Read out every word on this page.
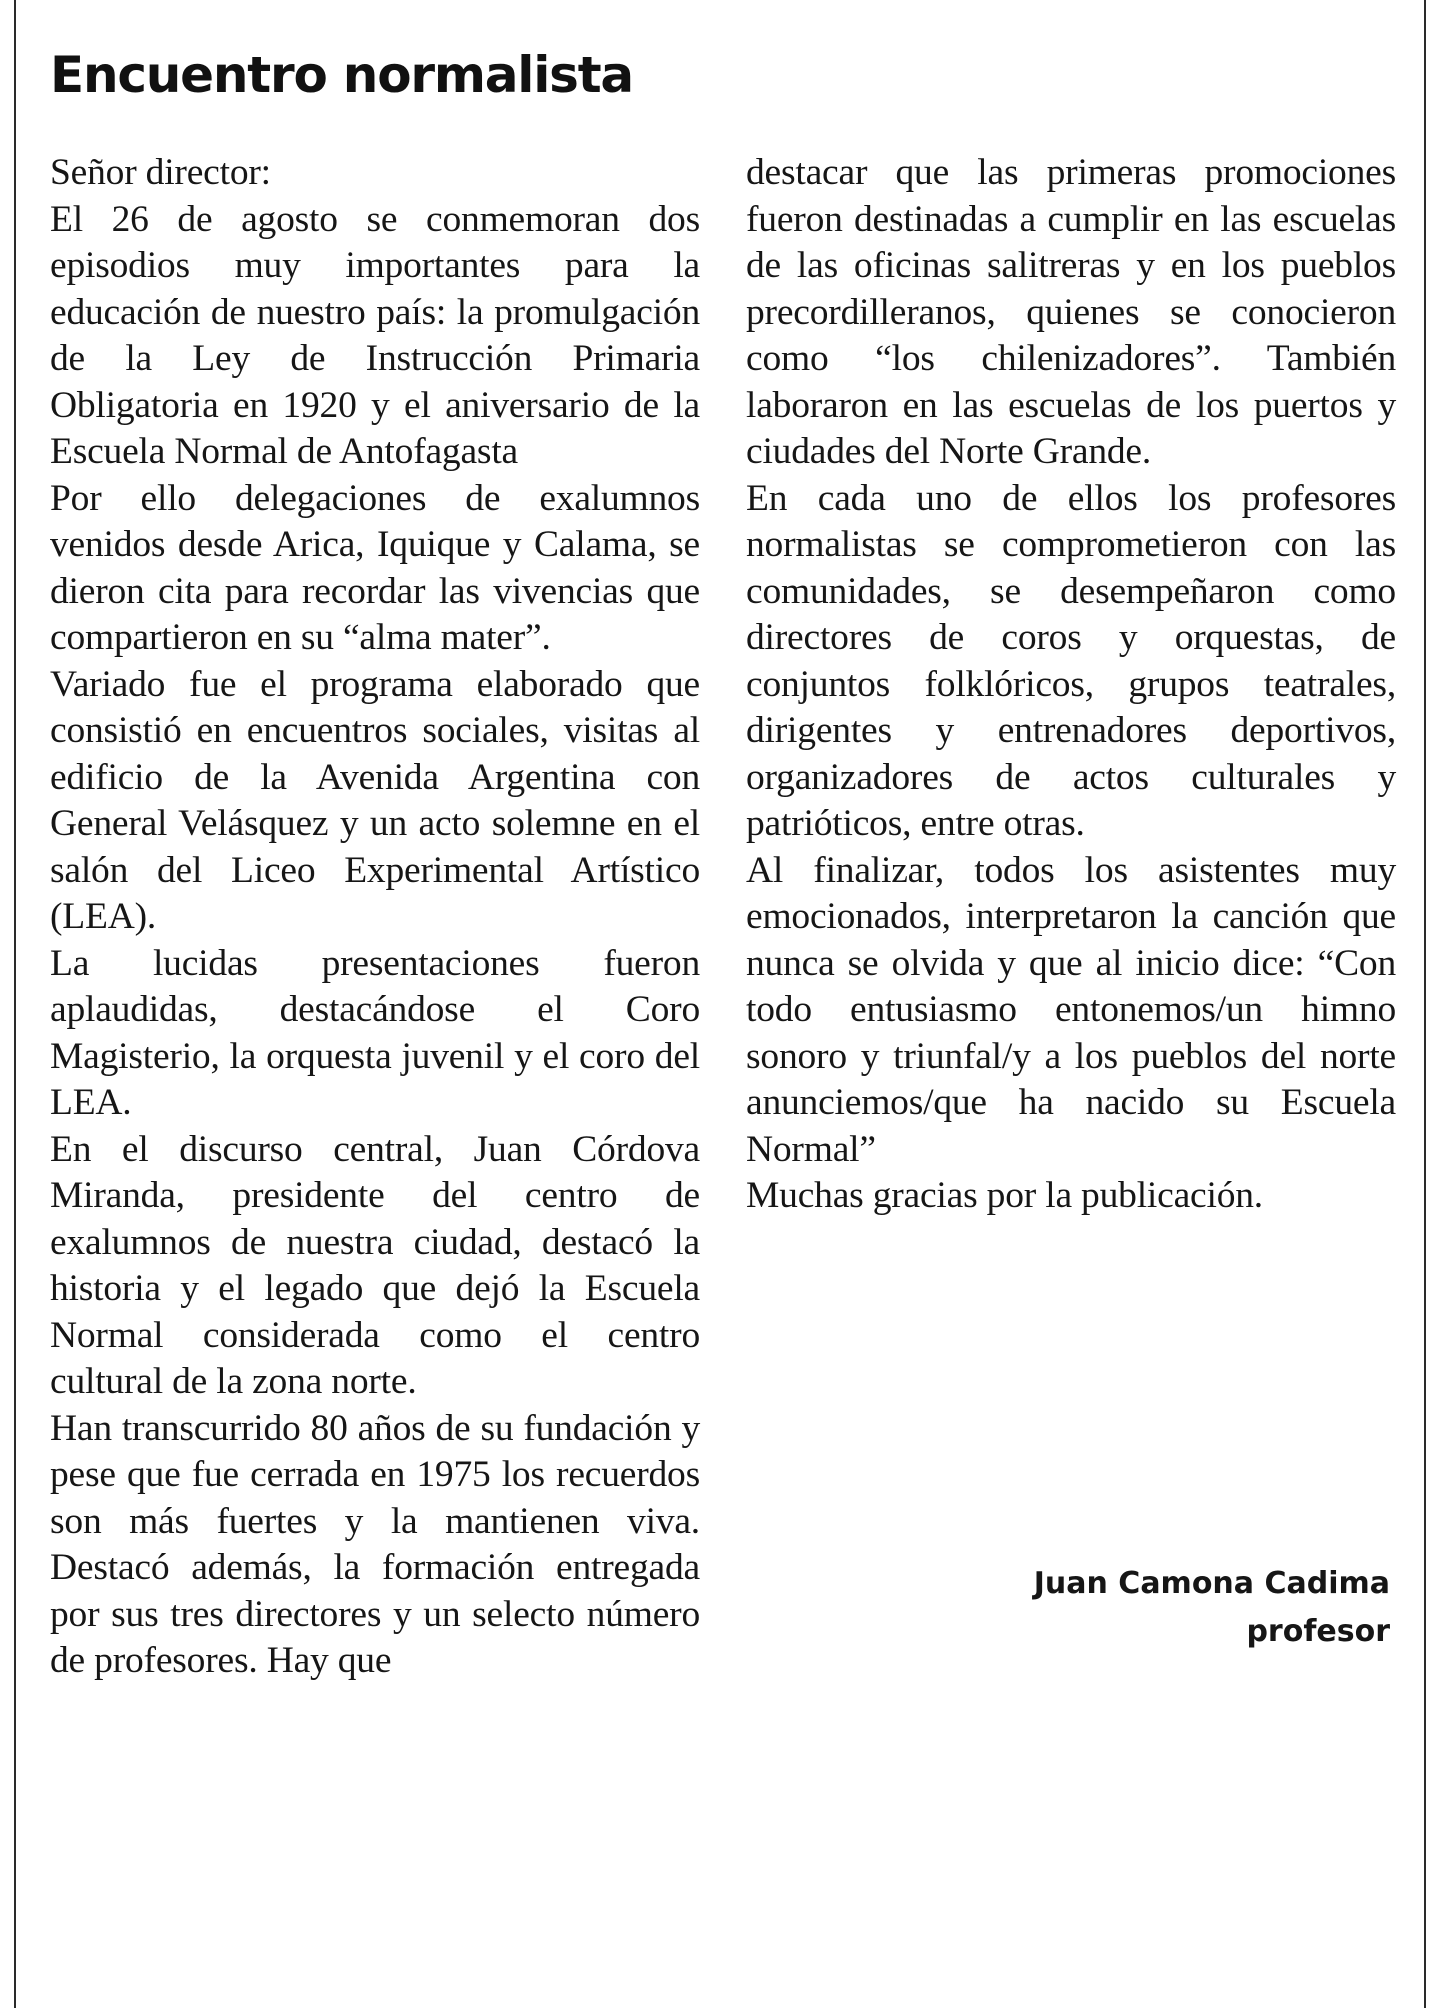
Encuentro normalista

Señor director:

El 26 de agosto se conmemoran dos episodios muy importantes para la educación de nuestro país: la promulgación de la Ley de Instrucción Primaria Obligatoria en 1920 y el aniversario de la Escuela Normal de Antofagasta

Por ello delegaciones de exalumnos venidos desde Arica, Iquique y Calama, se dieron cita para recordar las vivencias que compartieron en su “alma mater”.

Variado fue el programa elaborado que consistió en encuentros sociales, visitas al edificio de la Avenida Argentina con General Velásquez y un acto solemne en el salón del Liceo Experimental Artístico (LEA).

La lucidas presentaciones fueron aplaudidas, destacándose el Coro Magisterio, la orquesta juvenil y el coro del LEA.

En el discurso central, Juan Córdova Miranda, presidente del centro de exalumnos de nuestra ciudad, destacó la historia y el legado que dejó la Escuela Normal considerada como el centro cultural de la zona norte.

Han transcurrido 80 años de su fundación y pese que fue cerrada en 1975 los recuerdos son más fuertes y la mantienen viva. Destacó además, la formación entregada por sus tres directores y un selecto número de profesores. Hay que

destacar que las primeras promociones fueron destinadas a cumplir en las escuelas de las oficinas salitreras y en los pueblos precordilleranos, quienes se conocieron como “los chilenizadores”. También laboraron en las escuelas de los puertos y ciudades del Norte Grande.

En cada uno de ellos los profesores normalistas se comprometieron con las comunidades, se desempeñaron como directores de coros y orquestas, de conjuntos folklóricos, grupos teatrales, dirigentes y entrenadores deportivos, organizadores de actos culturales y patrióticos, entre otras.

Al finalizar, todos los asistentes muy emocionados, interpretaron la canción que nunca se olvida y que al inicio dice: “Con todo entusiasmo entonemos/un himno sonoro y triunfal/y a los pueblos del norte anunciemos/que ha nacido su Escuela Normal”

Muchas gracias por la publicación.

Juan Camona Cadima
profesor
